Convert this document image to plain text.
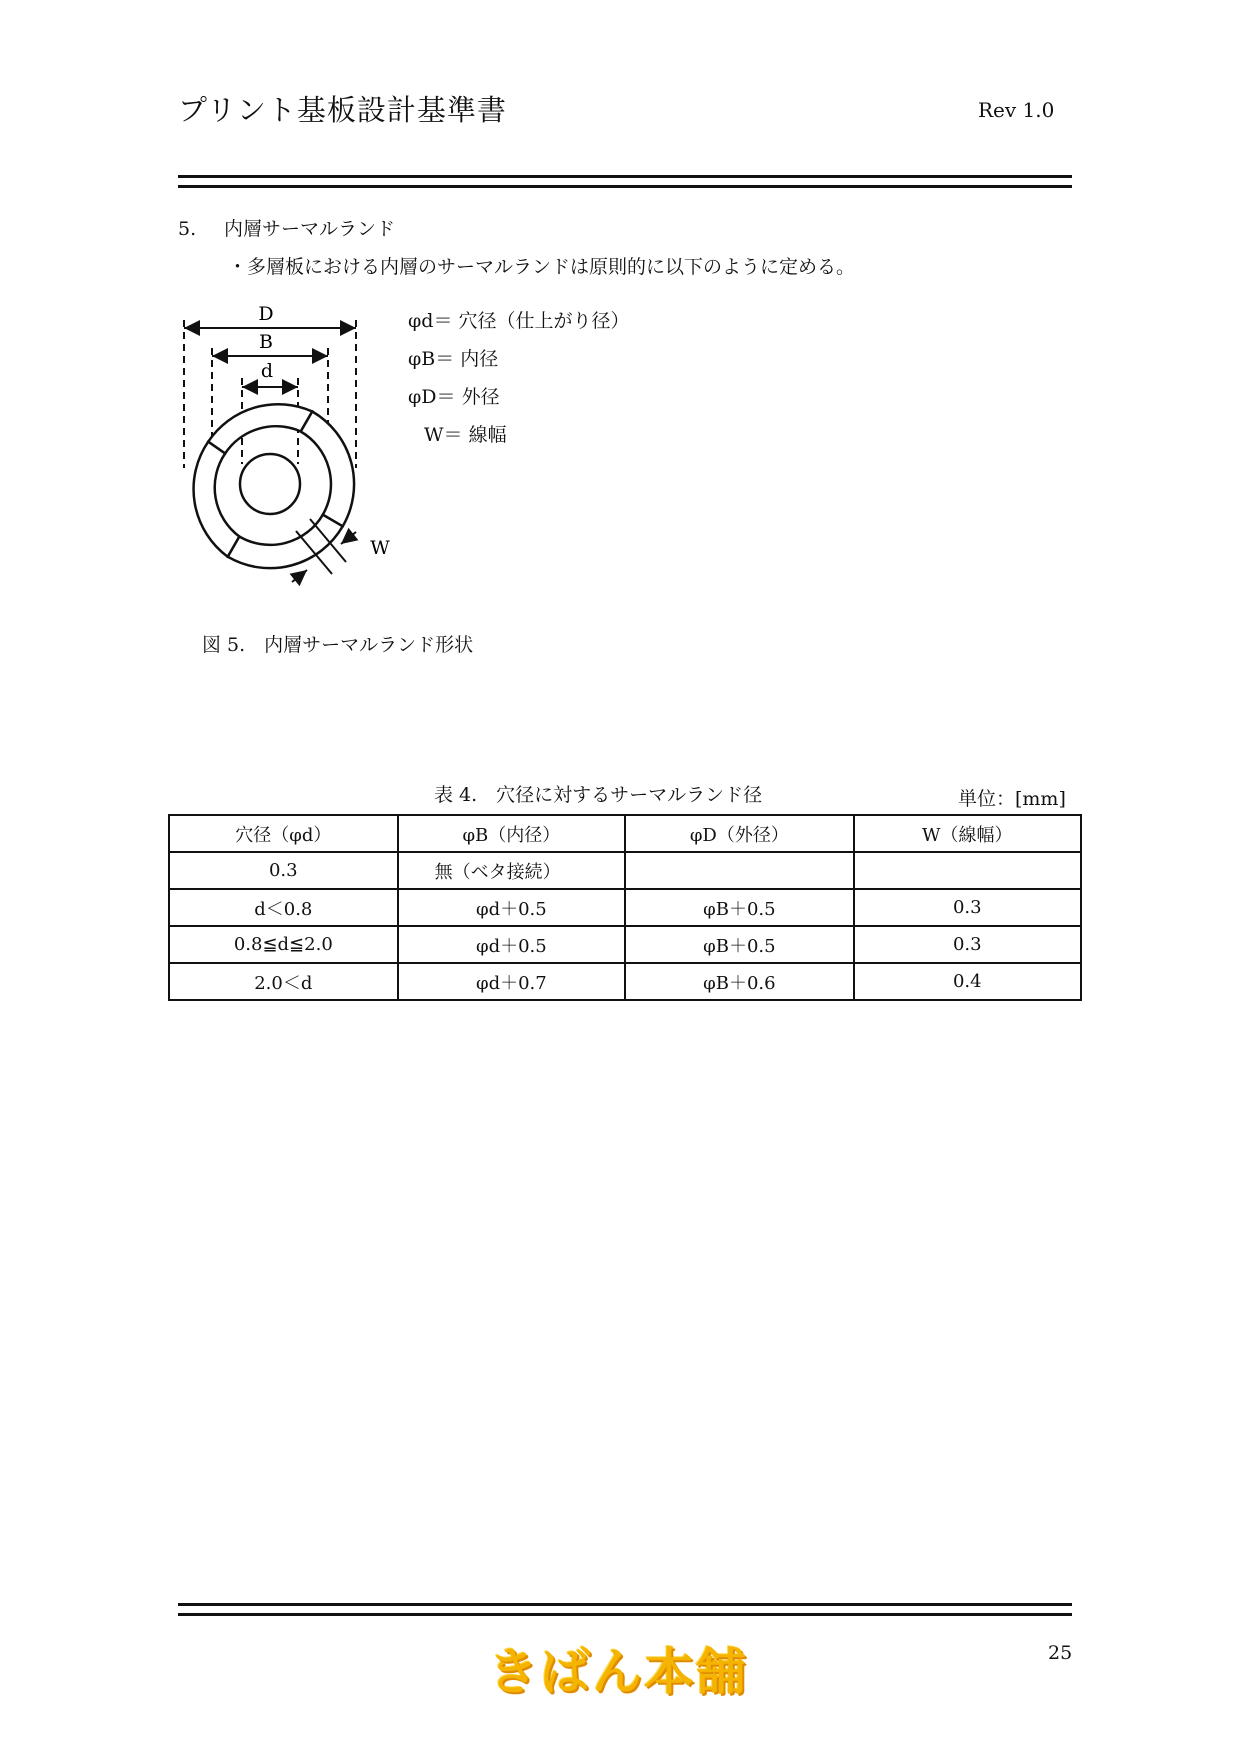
プリント基板設計基準書	Rev 1.0
5. 内層サーマルランド
・多層板における内層のサーマルランドは原則的に以下のように定める。
D
B
d
W
φd＝ 穴径（仕上がり径）
φB＝ 内径
φD＝ 外径
W＝ 線幅
図 5.　内層サーマルランド形状
表 4.　穴径に対するサーマルランド径	単位：[mm]
穴径（φd）	φB（内径）	φD（外径）	W（線幅）
0.3	無（ベタ接続）		
d＜0.8	φd＋0.5	φB＋0.5	0.3
0.8≦d≦2.0	φd＋0.5	φB＋0.5	0.3
2.0＜d	φd＋0.7	φB＋0.6	0.4
きばん本舗	25
